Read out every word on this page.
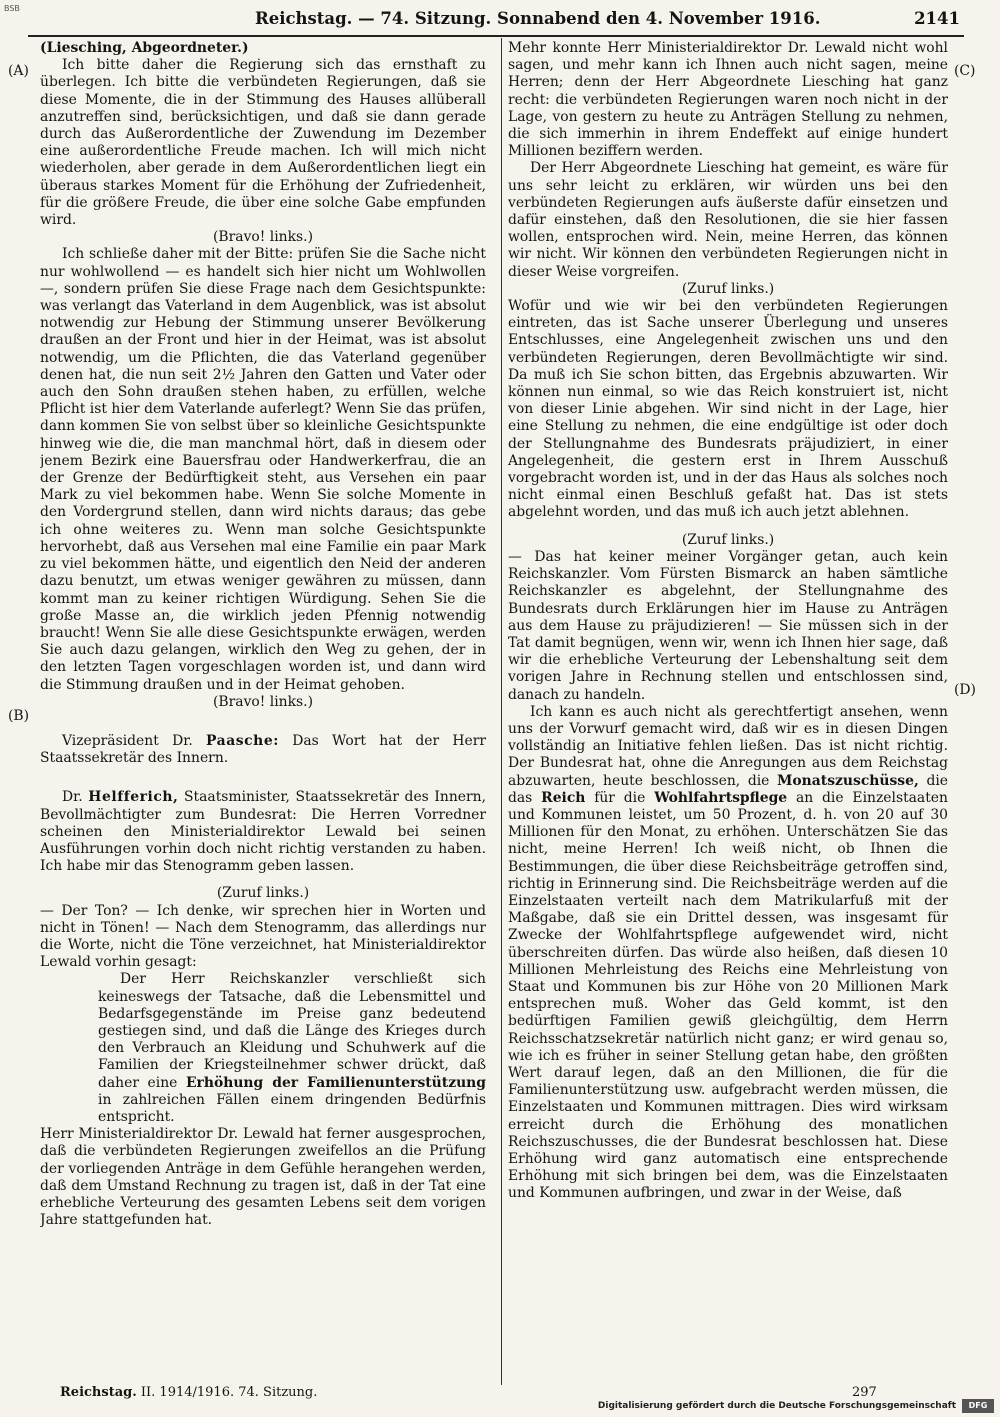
BSB
Reichstag. — 74. Sitzung. Sonnabend den 4. November 1916.	2141
(A)
(B)
(C)
(D)

(Liesching, Abgeordneter.)

Ich bitte daher die Regierung sich das ernsthaft zu überlegen. Ich bitte die verbündeten Regierungen, daß sie diese Momente, die in der Stimmung des Hauses allüberall anzutreffen sind, berücksichtigen, und daß sie dann gerade durch das Außerordentliche der Zuwendung im Dezember eine außerordentliche Freude machen. Ich will mich nicht wiederholen, aber gerade in dem Außerordentlichen liegt ein überaus starkes Moment für die Erhöhung der Zufriedenheit, für die größere Freude, die über eine solche Gabe empfunden wird.

(Bravo! links.)

Ich schließe daher mit der Bitte: prüfen Sie die Sache nicht nur wohlwollend — es handelt sich hier nicht um Wohlwollen —, sondern prüfen Sie diese Frage nach dem Gesichtspunkte: was verlangt das Vaterland in dem Augenblick, was ist absolut notwendig zur Hebung der Stimmung unserer Bevölkerung draußen an der Front und hier in der Heimat, was ist absolut notwendig, um die Pflichten, die das Vaterland gegenüber denen hat, die nun seit 2½ Jahren den Gatten und Vater oder auch den Sohn draußen stehen haben, zu erfüllen, welche Pflicht ist hier dem Vaterlande auferlegt? Wenn Sie das prüfen, dann kommen Sie von selbst über so kleinliche Gesichtspunkte hinweg wie die, die man manchmal hört, daß in diesem oder jenem Bezirk eine Bauersfrau oder Handwerkerfrau, die an der Grenze der Bedürftigkeit steht, aus Versehen ein paar Mark zu viel bekommen habe. Wenn Sie solche Momente in den Vordergrund stellen, dann wird nichts daraus; das gebe ich ohne weiteres zu. Wenn man solche Gesichtspunkte hervorhebt, daß aus Versehen mal eine Familie ein paar Mark zu viel bekommen hätte, und eigentlich den Neid der anderen dazu benutzt, um etwas weniger gewähren zu müssen, dann kommt man zu keiner richtigen Würdigung. Sehen Sie die große Masse an, die wirklich jeden Pfennig notwendig braucht! Wenn Sie alle diese Gesichtspunkte erwägen, werden Sie auch dazu gelangen, wirklich den Weg zu gehen, der in den letzten Tagen vorgeschlagen worden ist, und dann wird die Stimmung draußen und in der Heimat gehoben.

(Bravo! links.)

Vizepräsident Dr. Paasche: Das Wort hat der Herr Staatssekretär des Innern.

Dr. Helfferich, Staatsminister, Staatssekretär des Innern, Bevollmächtigter zum Bundesrat: Die Herren Vorredner scheinen den Ministerialdirektor Lewald bei seinen Ausführungen vorhin doch nicht richtig verstanden zu haben. Ich habe mir das Stenogramm geben lassen.

(Zuruf links.)

— Der Ton? — Ich denke, wir sprechen hier in Worten und nicht in Tönen! — Nach dem Stenogramm, das allerdings nur die Worte, nicht die Töne verzeichnet, hat Ministerialdirektor Lewald vorhin gesagt:

Der Herr Reichskanzler verschließt sich keineswegs der Tatsache, daß die Lebensmittel und Bedarfsgegenstände im Preise ganz bedeutend gestiegen sind, und daß die Länge des Krieges durch den Verbrauch an Kleidung und Schuhwerk auf die Familien der Kriegsteilnehmer schwer drückt, daß daher eine Erhöhung der Familienunterstützung in zahlreichen Fällen einem dringenden Bedürfnis entspricht.

Herr Ministerialdirektor Dr. Lewald hat ferner ausgesprochen, daß die verbündeten Regierungen zweifellos an die Prüfung der vorliegenden Anträge in dem Gefühle herangehen werden, daß dem Umstand Rechnung zu tragen ist, daß in der Tat eine erhebliche Verteurung des gesamten Lebens seit dem vorigen Jahre stattgefunden hat.

Mehr konnte Herr Ministerialdirektor Dr. Lewald nicht wohl sagen, und mehr kann ich Ihnen auch nicht sagen, meine Herren; denn der Herr Abgeordnete Liesching hat ganz recht: die verbündeten Regierungen waren noch nicht in der Lage, von gestern zu heute zu Anträgen Stellung zu nehmen, die sich immerhin in ihrem Endeffekt auf einige hundert Millionen beziffern werden.

Der Herr Abgeordnete Liesching hat gemeint, es wäre für uns sehr leicht zu erklären, wir würden uns bei den verbündeten Regierungen aufs äußerste dafür einsetzen und dafür einstehen, daß den Resolutionen, die sie hier fassen wollen, entsprochen wird. Nein, meine Herren, das können wir nicht. Wir können den verbündeten Regierungen nicht in dieser Weise vorgreifen.

(Zuruf links.)

Wofür und wie wir bei den verbündeten Regierungen eintreten, das ist Sache unserer Überlegung und unseres Entschlusses, eine Angelegenheit zwischen uns und den verbündeten Regierungen, deren Bevollmächtigte wir sind. Da muß ich Sie schon bitten, das Ergebnis abzuwarten. Wir können nun einmal, so wie das Reich konstruiert ist, nicht von dieser Linie abgehen. Wir sind nicht in der Lage, hier eine Stellung zu nehmen, die eine endgültige ist oder doch der Stellungnahme des Bundesrats präjudiziert, in einer Angelegenheit, die gestern erst in Ihrem Ausschuß vorgebracht worden ist, und in der das Haus als solches noch nicht einmal einen Beschluß gefaßt hat. Das ist stets abgelehnt worden, und das muß ich auch jetzt ablehnen.

(Zuruf links.)

— Das hat keiner meiner Vorgänger getan, auch kein Reichskanzler. Vom Fürsten Bismarck an haben sämtliche Reichskanzler es abgelehnt, der Stellungnahme des Bundesrats durch Erklärungen hier im Hause zu Anträgen aus dem Hause zu präjudizieren! — Sie müssen sich in der Tat damit begnügen, wenn wir, wenn ich Ihnen hier sage, daß wir die erhebliche Verteurung der Lebenshaltung seit dem vorigen Jahre in Rechnung stellen und entschlossen sind, danach zu handeln.

Ich kann es auch nicht als gerechtfertigt ansehen, wenn uns der Vorwurf gemacht wird, daß wir es in diesen Dingen vollständig an Initiative fehlen ließen. Das ist nicht richtig. Der Bundesrat hat, ohne die Anregungen aus dem Reichstag abzuwarten, heute beschlossen, die Monatszuschüsse, die das Reich für die Wohlfahrtspflege an die Einzelstaaten und Kommunen leistet, um 50 Prozent, d. h. von 20 auf 30 Millionen für den Monat, zu erhöhen. Unterschätzen Sie das nicht, meine Herren! Ich weiß nicht, ob Ihnen die Bestimmungen, die über diese Reichsbeiträge getroffen sind, richtig in Erinnerung sind. Die Reichsbeiträge werden auf die Einzelstaaten verteilt nach dem Matrikularfuß mit der Maßgabe, daß sie ein Drittel dessen, was insgesamt für Zwecke der Wohlfahrtspflege aufgewendet wird, nicht überschreiten dürfen. Das würde also heißen, daß diesen 10 Millionen Mehrleistung des Reichs eine Mehrleistung von Staat und Kommunen bis zur Höhe von 20 Millionen Mark entsprechen muß. Woher das Geld kommt, ist den bedürftigen Familien gewiß gleichgültig, dem Herrn Reichsschatzsekretär natürlich nicht ganz; er wird genau so, wie ich es früher in seiner Stellung getan habe, den größten Wert darauf legen, daß an den Millionen, die für die Familienunterstützung usw. aufgebracht werden müssen, die Einzelstaaten und Kommunen mittragen. Dies wird wirksam erreicht durch die Erhöhung des monatlichen Reichszuschusses, die der Bundesrat beschlossen hat. Diese Erhöhung wird ganz automatisch eine entsprechende Erhöhung mit sich bringen bei dem, was die Einzelstaaten und Kommunen aufbringen, und zwar in der Weise, daß

Reichstag. II. 1914/1916. 74. Sitzung.	297
Digitalisierung gefördert durch die Deutsche Forschungsgemeinschaft	DFG
